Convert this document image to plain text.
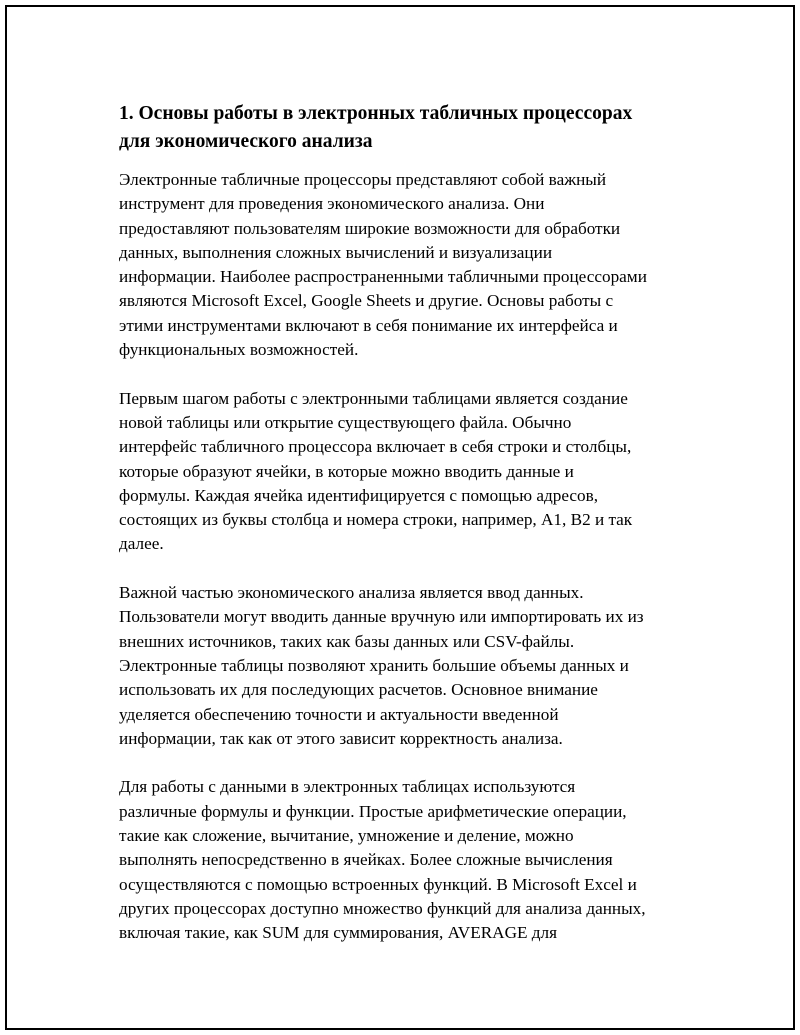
1. Основы работы в электронных табличных процессорах
для экономического анализа
Электронные табличные процессоры представляют собой важный
инструмент для проведения экономического анализа. Они
предоставляют пользователям широкие возможности для обработки
данных, выполнения сложных вычислений и визуализации
информации. Наиболее распространенными табличными процессорами
являются Microsoft Excel, Google Sheets и другие. Основы работы с
этими инструментами включают в себя понимание их интерфейса и
функциональных возможностей.
Первым шагом работы с электронными таблицами является создание
новой таблицы или открытие существующего файла. Обычно
интерфейс табличного процессора включает в себя строки и столбцы,
которые образуют ячейки, в которые можно вводить данные и
формулы. Каждая ячейка идентифицируется с помощью адресов,
состоящих из буквы столбца и номера строки, например, A1, B2 и так
далее.
Важной частью экономического анализа является ввод данных.
Пользователи могут вводить данные вручную или импортировать их из
внешних источников, таких как базы данных или CSV-файлы.
Электронные таблицы позволяют хранить большие объемы данных и
использовать их для последующих расчетов. Основное внимание
уделяется обеспечению точности и актуальности введенной
информации, так как от этого зависит корректность анализа.
Для работы с данными в электронных таблицах используются
различные формулы и функции. Простые арифметические операции,
такие как сложение, вычитание, умножение и деление, можно
выполнять непосредственно в ячейках. Более сложные вычисления
осуществляются с помощью встроенных функций. В Microsoft Excel и
других процессорах доступно множество функций для анализа данных,
включая такие, как SUM для суммирования, AVERAGE для
